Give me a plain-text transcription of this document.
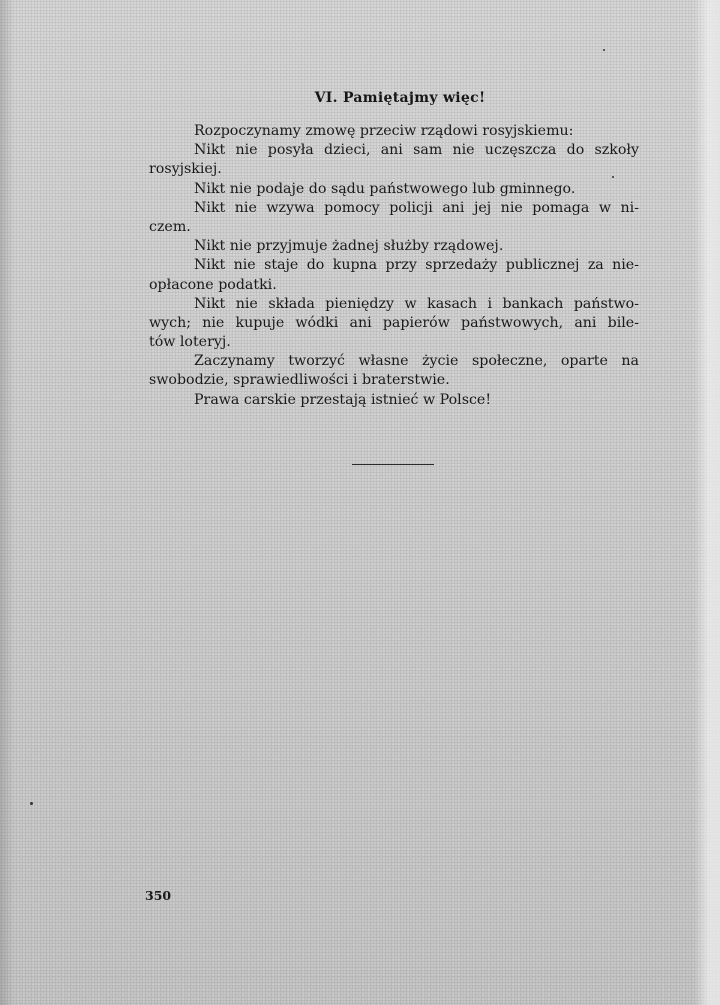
VI. Pamiętajmy więc!
Rozpoczynamy zmowę przeciw rządowi rosyjskiemu:
Nikt nie posyła dzieci, ani sam nie uczęszcza do szkoły
rosyjskiej.
Nikt nie podaje do sądu państwowego lub gminnego.
Nikt nie wzywa pomocy policji ani jej nie pomaga w ni-
czem.
Nikt nie przyjmuje żadnej służby rządowej.
Nikt nie staje do kupna przy sprzedaży publicznej za nie-
opłacone podatki.
Nikt nie składa pieniędzy w kasach i bankach państwo-
wych; nie kupuje wódki ani papierów państwowych, ani bile-
tów loteryj.
Zaczynamy tworzyć własne życie społeczne, oparte na
swobodzie, sprawiedliwości i braterstwie.
Prawa carskie przestają istnieć w Polsce!
350
